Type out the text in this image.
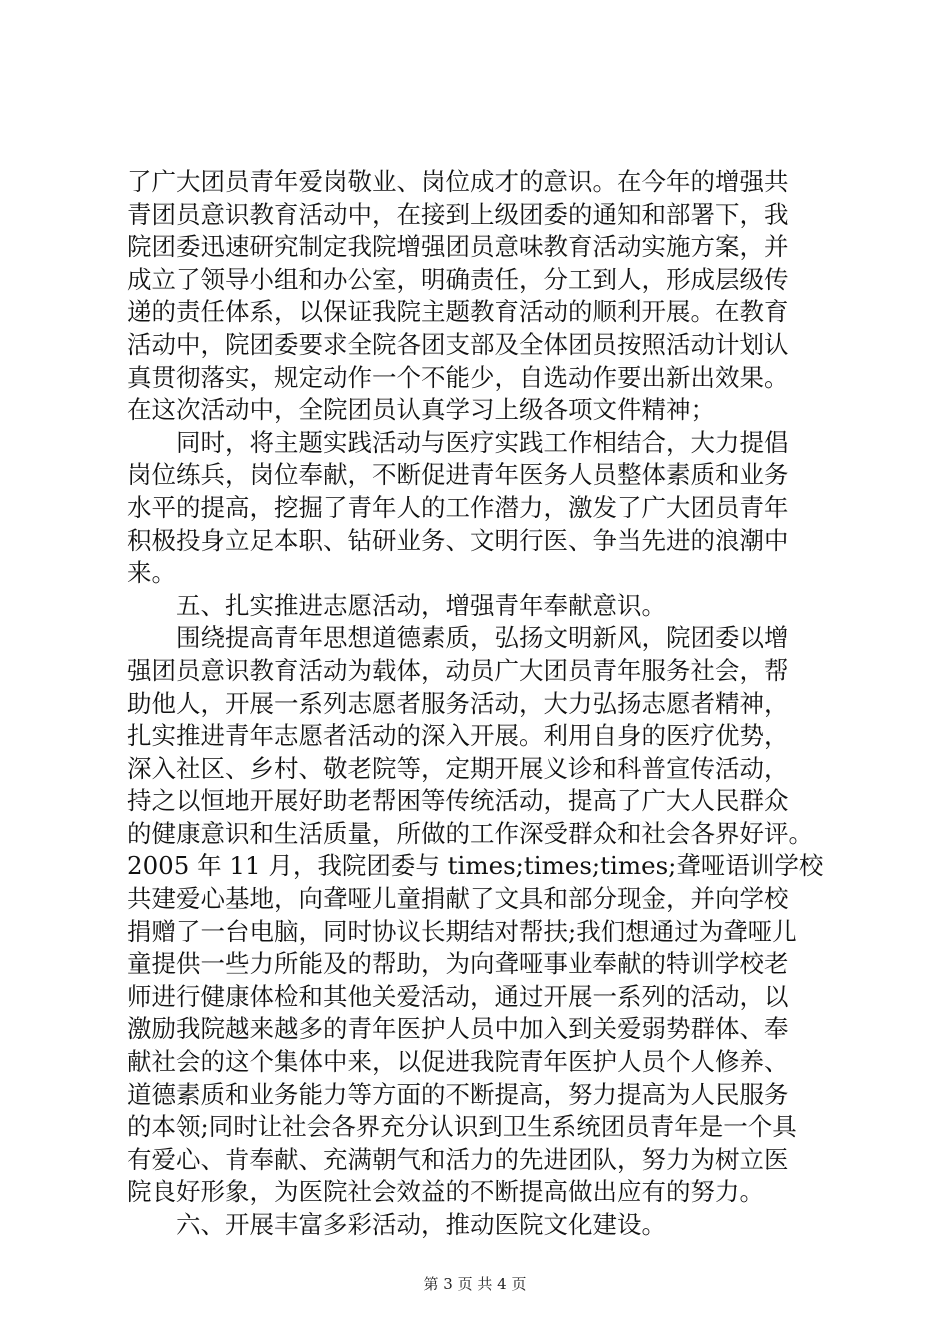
了广大团员青年爱岗敬业、岗位成才的意识。在今年的增强共
青团员意识教育活动中，在接到上级团委的通知和部署下，我
院团委迅速研究制定我院增强团员意味教育活动实施方案，并
成立了领导小组和办公室，明确责任，分工到人，形成层级传
递的责任体系，以保证我院主题教育活动的顺利开展。在教育
活动中，院团委要求全院各团支部及全体团员按照活动计划认
真贯彻落实，规定动作一个不能少，自选动作要出新出效果。
在这次活动中，全院团员认真学习上级各项文件精神；
同时，将主题实践活动与医疗实践工作相结合，大力提倡
岗位练兵，岗位奉献，不断促进青年医务人员整体素质和业务
水平的提高，挖掘了青年人的工作潜力，激发了广大团员青年
积极投身立足本职、钻研业务、文明行医、争当先进的浪潮中
来。
五、扎实推进志愿活动，增强青年奉献意识。
围绕提高青年思想道德素质，弘扬文明新风，院团委以增
强团员意识教育活动为载体，动员广大团员青年服务社会，帮
助他人，开展一系列志愿者服务活动，大力弘扬志愿者精神，
扎实推进青年志愿者活动的深入开展。利用自身的医疗优势，
深入社区、乡村、敬老院等，定期开展义诊和科普宣传活动，
持之以恒地开展好助老帮困等传统活动，提高了广大人民群众
的健康意识和生活质量，所做的工作深受群众和社会各界好评。
2005 年 11 月，我院团委与 times;times;times;聋哑语训学校
共建爱心基地，向聋哑儿童捐献了文具和部分现金，并向学校
捐赠了一台电脑，同时协议长期结对帮扶;我们想通过为聋哑儿
童提供一些力所能及的帮助，为向聋哑事业奉献的特训学校老
师进行健康体检和其他关爱活动，通过开展一系列的活动，以
激励我院越来越多的青年医护人员中加入到关爱弱势群体、奉
献社会的这个集体中来，以促进我院青年医护人员个人修养、
道德素质和业务能力等方面的不断提高，努力提高为人民服务
的本领;同时让社会各界充分认识到卫生系统团员青年是一个具
有爱心、肯奉献、充满朝气和活力的先进团队，努力为树立医
院良好形象，为医院社会效益的不断提高做出应有的努力。
六、开展丰富多彩活动，推动医院文化建设。
第 3 页 共 4 页
